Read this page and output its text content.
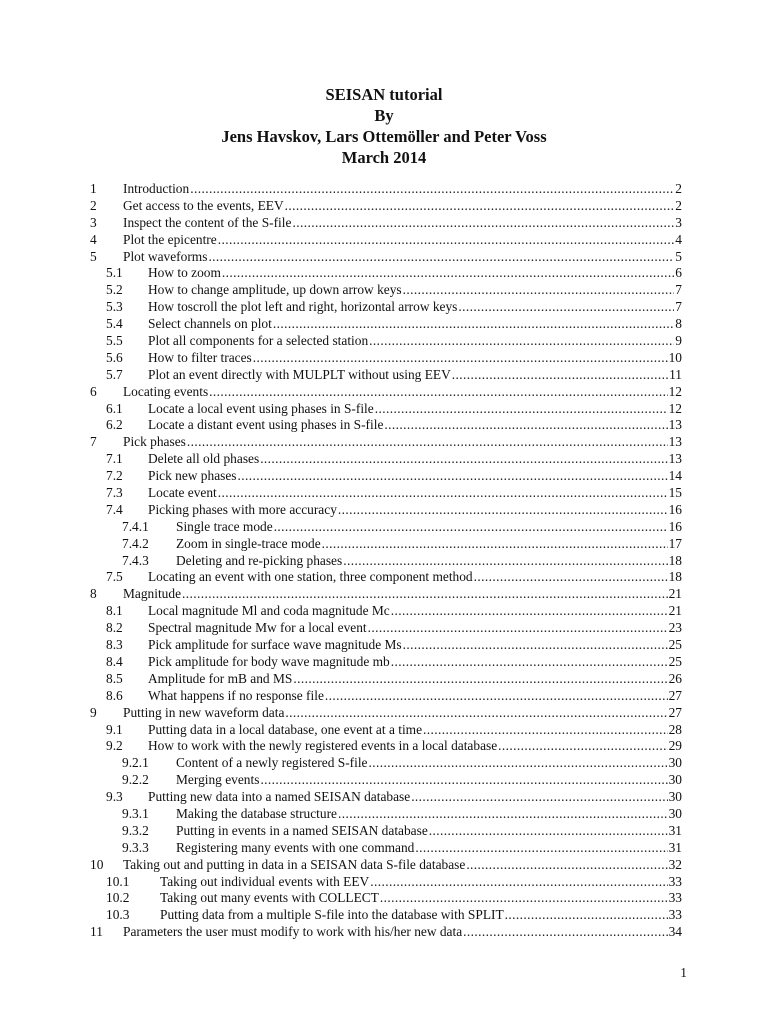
SEISAN tutorial
By
Jens Havskov, Lars Ottemöller and Peter Voss
March 2014
1 Introduction .....	2
2 Get access to the events, EEV .....	2
3 Inspect the content of the S-file .....	3
4 Plot the epicentre .....	4
5 Plot waveforms .....	5
5.1 How to zoom .....	6
5.2 How to change amplitude, up down arrow keys .....	7
5.3 How toscroll the plot left and right, horizontal arrow keys .....	7
5.4 Select channels on plot .....	8
5.5 Plot all components for a selected station .....	9
5.6 How to filter traces .....	10
5.7 Plot an event directly with MULPLT without using EEV .....	11
6 Locating events .....	12
6.1 Locate a local event using phases in S-file .....	12
6.2 Locate a distant event using phases in S-file .....	13
7 Pick phases .....	13
7.1 Delete all old phases .....	13
7.2 Pick new phases .....	14
7.3 Locate event .....	15
7.4 Picking phases with more accuracy .....	16
7.4.1 Single trace mode .....	16
7.4.2 Zoom in single-trace mode .....	17
7.4.3 Deleting and re-picking phases .....	18
7.5 Locating an event with one station, three component method .....	18
8 Magnitude .....	21
8.1 Local magnitude Ml and coda magnitude Mc .....	21
8.2 Spectral magnitude Mw for a local event .....	23
8.3 Pick amplitude for surface wave magnitude Ms .....	25
8.4 Pick amplitude for body wave magnitude mb .....	25
8.5 Amplitude for mB and MS .....	26
8.6 What happens if no response file .....	27
9 Putting in new waveform data .....	27
9.1 Putting data in a local database, one event at a time .....	28
9.2 How to work with the newly registered events in a local database .....	29
9.2.1 Content of a newly registered S-file .....	30
9.2.2 Merging events .....	30
9.3 Putting new data into a named SEISAN database .....	30
9.3.1 Making the database structure .....	30
9.3.2 Putting in events in a named SEISAN database .....	31
9.3.3 Registering many events with one command .....	31
10 Taking out and putting in data in a SEISAN data S-file database .....	32
10.1 Taking out individual events with EEV .....	33
10.2 Taking out many events with COLLECT .....	33
10.3 Putting data from a multiple S-file into the database with SPLIT .....	33
11 Parameters the user must modify to work with his/her new data .....	34
1
